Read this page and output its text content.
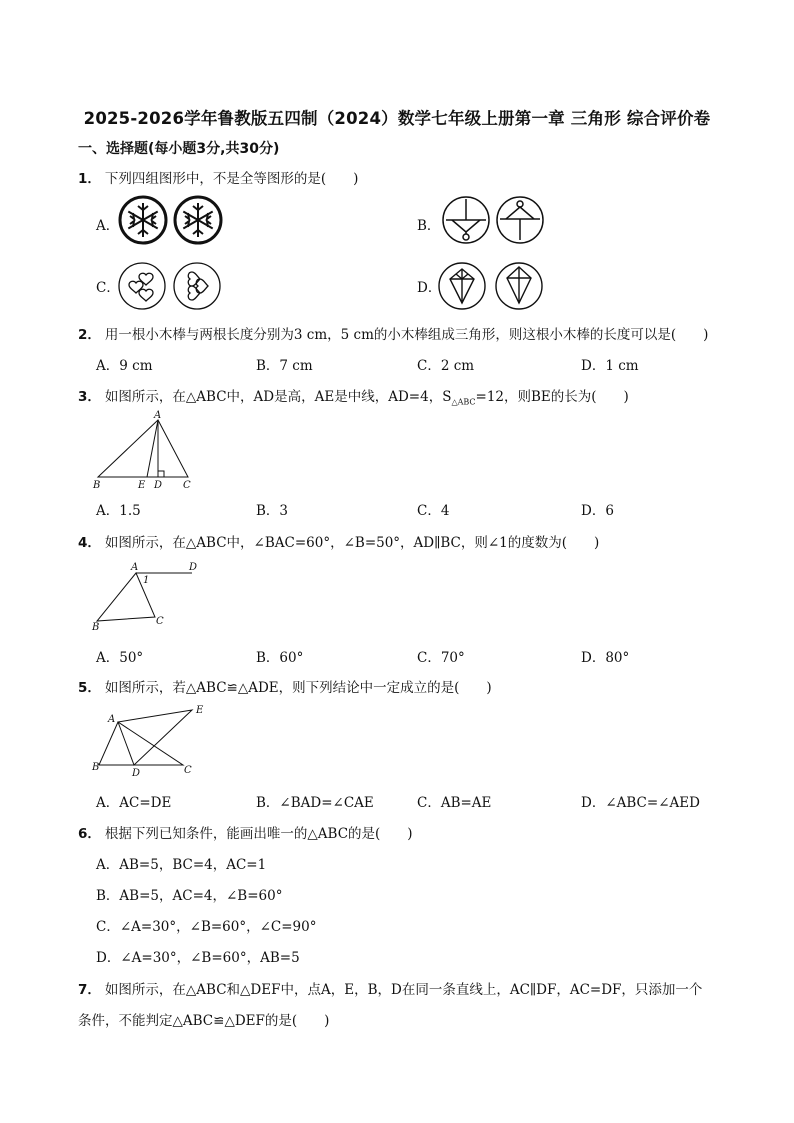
2025-2026学年鲁教版五四制（2024）数学七年级上册第一章 三角形 综合评价卷
一、选择题(每小题3分,共30分)
1． 下列四组图形中，不是全等图形的是(　　)
A．	B．
C．	D．
2． 用一根小木棒与两根长度分别为3 cm，5 cm的小木棒组成三角形，则这根小木棒的长度可以是(　　)
A．9 cm	B．7 cm	C．2 cm	D．1 cm
3． 如图所示，在△ABC中，AD是高，AE是中线，AD=4，$S_{\triangle ABC}=12$，则BE的长为(　　)
A
B	E D C
A．1.5	B．3	C．4	D．6
4． 如图所示，在△ABC中，∠BAC=60°，∠B=50°，AD∥BC，则∠1的度数为(　　)
A	D
1
B
C
A．50°	B．60°	C．70°	D．80°
5． 如图所示，若△ABC≌△ADE，则下列结论中一定成立的是(　　)
A
E
B
D	C
A．AC=DE	B．∠BAD=∠CAE	C．AB=AE	D．∠ABC=∠AED
6． 根据下列已知条件，能画出唯一的△ABC的是(　　)
A．AB=5，BC=4，AC=1
B．AB=5，AC=4，∠B=60°
C．∠A=30°，∠B=60°，∠C=90°
D．∠A=30°，∠B=60°，AB=5
7． 如图所示，在△ABC和△DEF中，点A，E，B，D在同一条直线上，AC∥DF，AC=DF，只添加一个
条件，不能判定△ABC≌△DEF的是(　　)
